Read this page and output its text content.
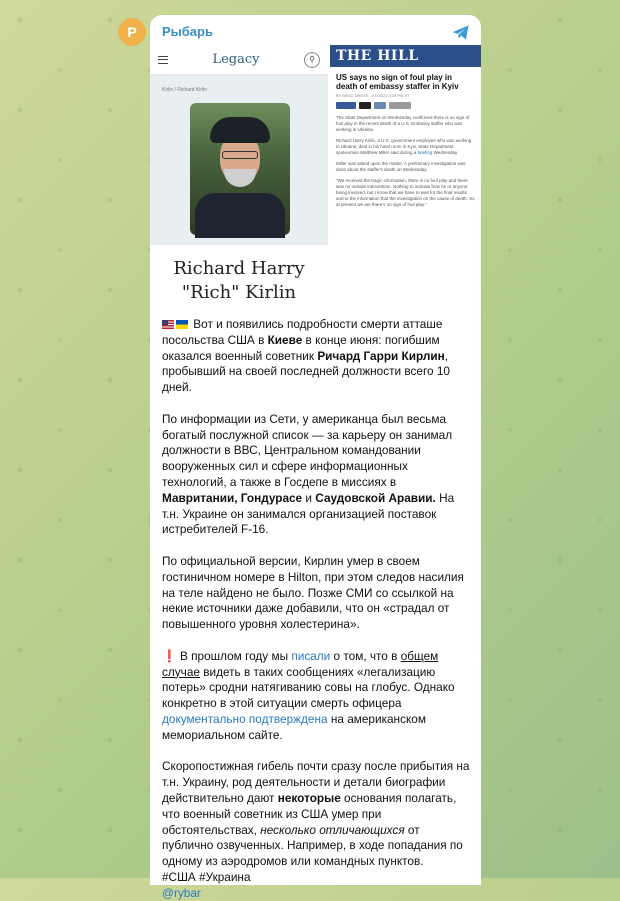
P	Рыбарь
Legacy	⚲
Kirlin / Richard Kirlin
Richard Harry
"Rich" Kirlin
THE HILL
US says no sign of foul play in death of embassy staffer in Kyiv
BY BRAD DRESS - 07/03/23 5:26 PM ET
The State Department on Wednesday confirmed there is no sign of foul play in the recent death of a U.S. Embassy staffer who was working in Ukraine.
Richard Harry Kirlin, a U.S. government employee who was working in Ukraine, died in his hotel room in Kyiv. State Department spokesman Matthew Miller said during a briefing Wednesday.
Miller was asked upon the matter. A preliminary investigation was done about the staffer's death on Wednesday.
"We received the tragic information, there is no foul play and there was no outside intervention. Nothing to indicate how he or anyone being involved, but I know that we have to wait for the final results and to the information that the investigation on the cause of death. So at present we are there's no sign of foul play."

Вот и появились подробности смерти атташе посольства США в Киеве в конце июня: погибшим оказался военный советник Ричард Гарри Кирлин, пробывший на своей последней должности всего 10 дней.

По информации из Сети, у американца был весьма богатый послужной список — за карьеру он занимал должности в ВВС, Центральном командовании вооруженных сил и сфере информационных технологий, а также в Госдепе в миссиях в Мавритании, Гондурасе и Саудовской Аравии. На т.н. Украине он занимался организацией поставок истребителей F-16.

По официальной версии, Кирлин умер в своем гостиничном номере в Hilton, при этом следов насилия на теле найдено не было. Позже СМИ со ссылкой на некие источники даже добавили, что он «страдал от повышенного уровня холестерина».

❗ В прошлом году мы писали о том, что в общем случае видеть в таких сообщениях «легализацию потерь» сродни натягиванию совы на глобус. Однако конкретно в этой ситуации смерть офицера документально подтверждена на американском мемориальном сайте.

Скоропостижная гибель почти сразу после прибытия на т.н. Украину, род деятельности и детали биографии действительно дают некоторые основания полагать, что военный советник из США умер при обстоятельствах, несколько отличающихся от публично озвученных. Например, в ходе попадания по одному из аэродромов или командных пунктов.

#США #Украина

@rybar
